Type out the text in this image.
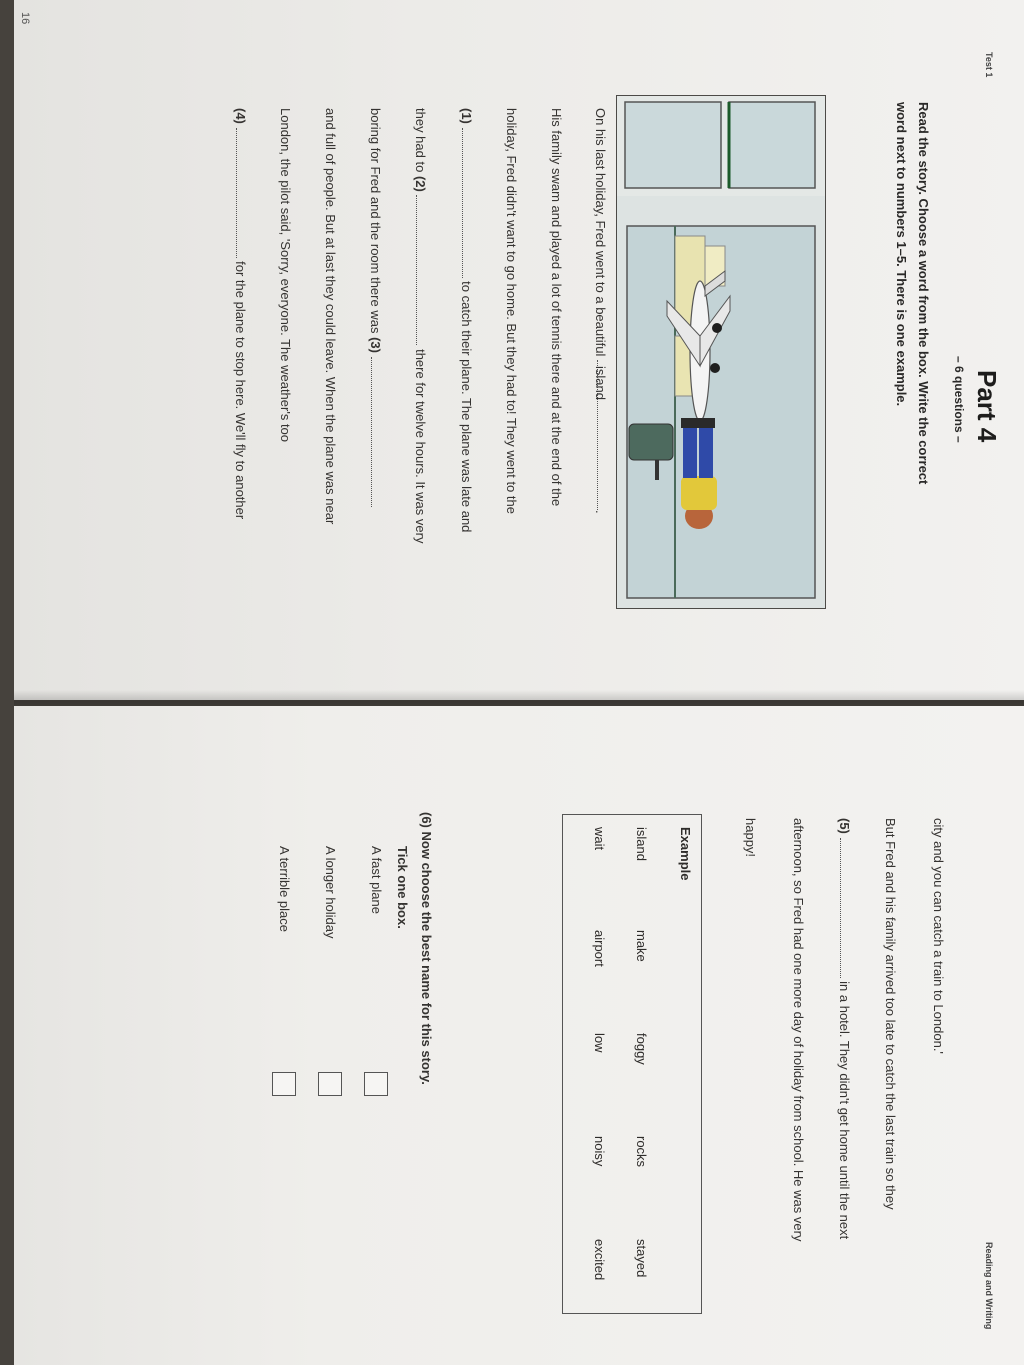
Test 1
16
Part 4
– 6 questions –
Read the story. Choose a word from the box. Write the correct
word next to numbers 1–5. There is one example.
On his last holiday, Fred went to a beautiful island.
His family swam and played a lot of tennis there and at the end of the
holiday, Fred didn't want to go home. But they had to! They went to the
(1)  to catch their plane. The plane was late and
they had to (2)  there for twelve hours. It was very
boring for Fred and the room there was (3)
and full of people. But at last they could leave. When the plane was near
London, the pilot said, 'Sorry, everyone. The weather's too
(4)  for the plane to stop here. We'll fly to another
Reading and Writing
city and you can catch a train to London.'
But Fred and his family arrived too late to catch the last train so they
(5)  in a hotel. They didn't get home until the next
afternoon, so Fred had one more day of holiday from school. He was very
happy!
Example
island
make
foggy
rocks
stayed
wait
airport
low
noisy
excited
(6) Now choose the best name for this story.
Tick one box.
A fast plane
A longer holiday
A terrible place
